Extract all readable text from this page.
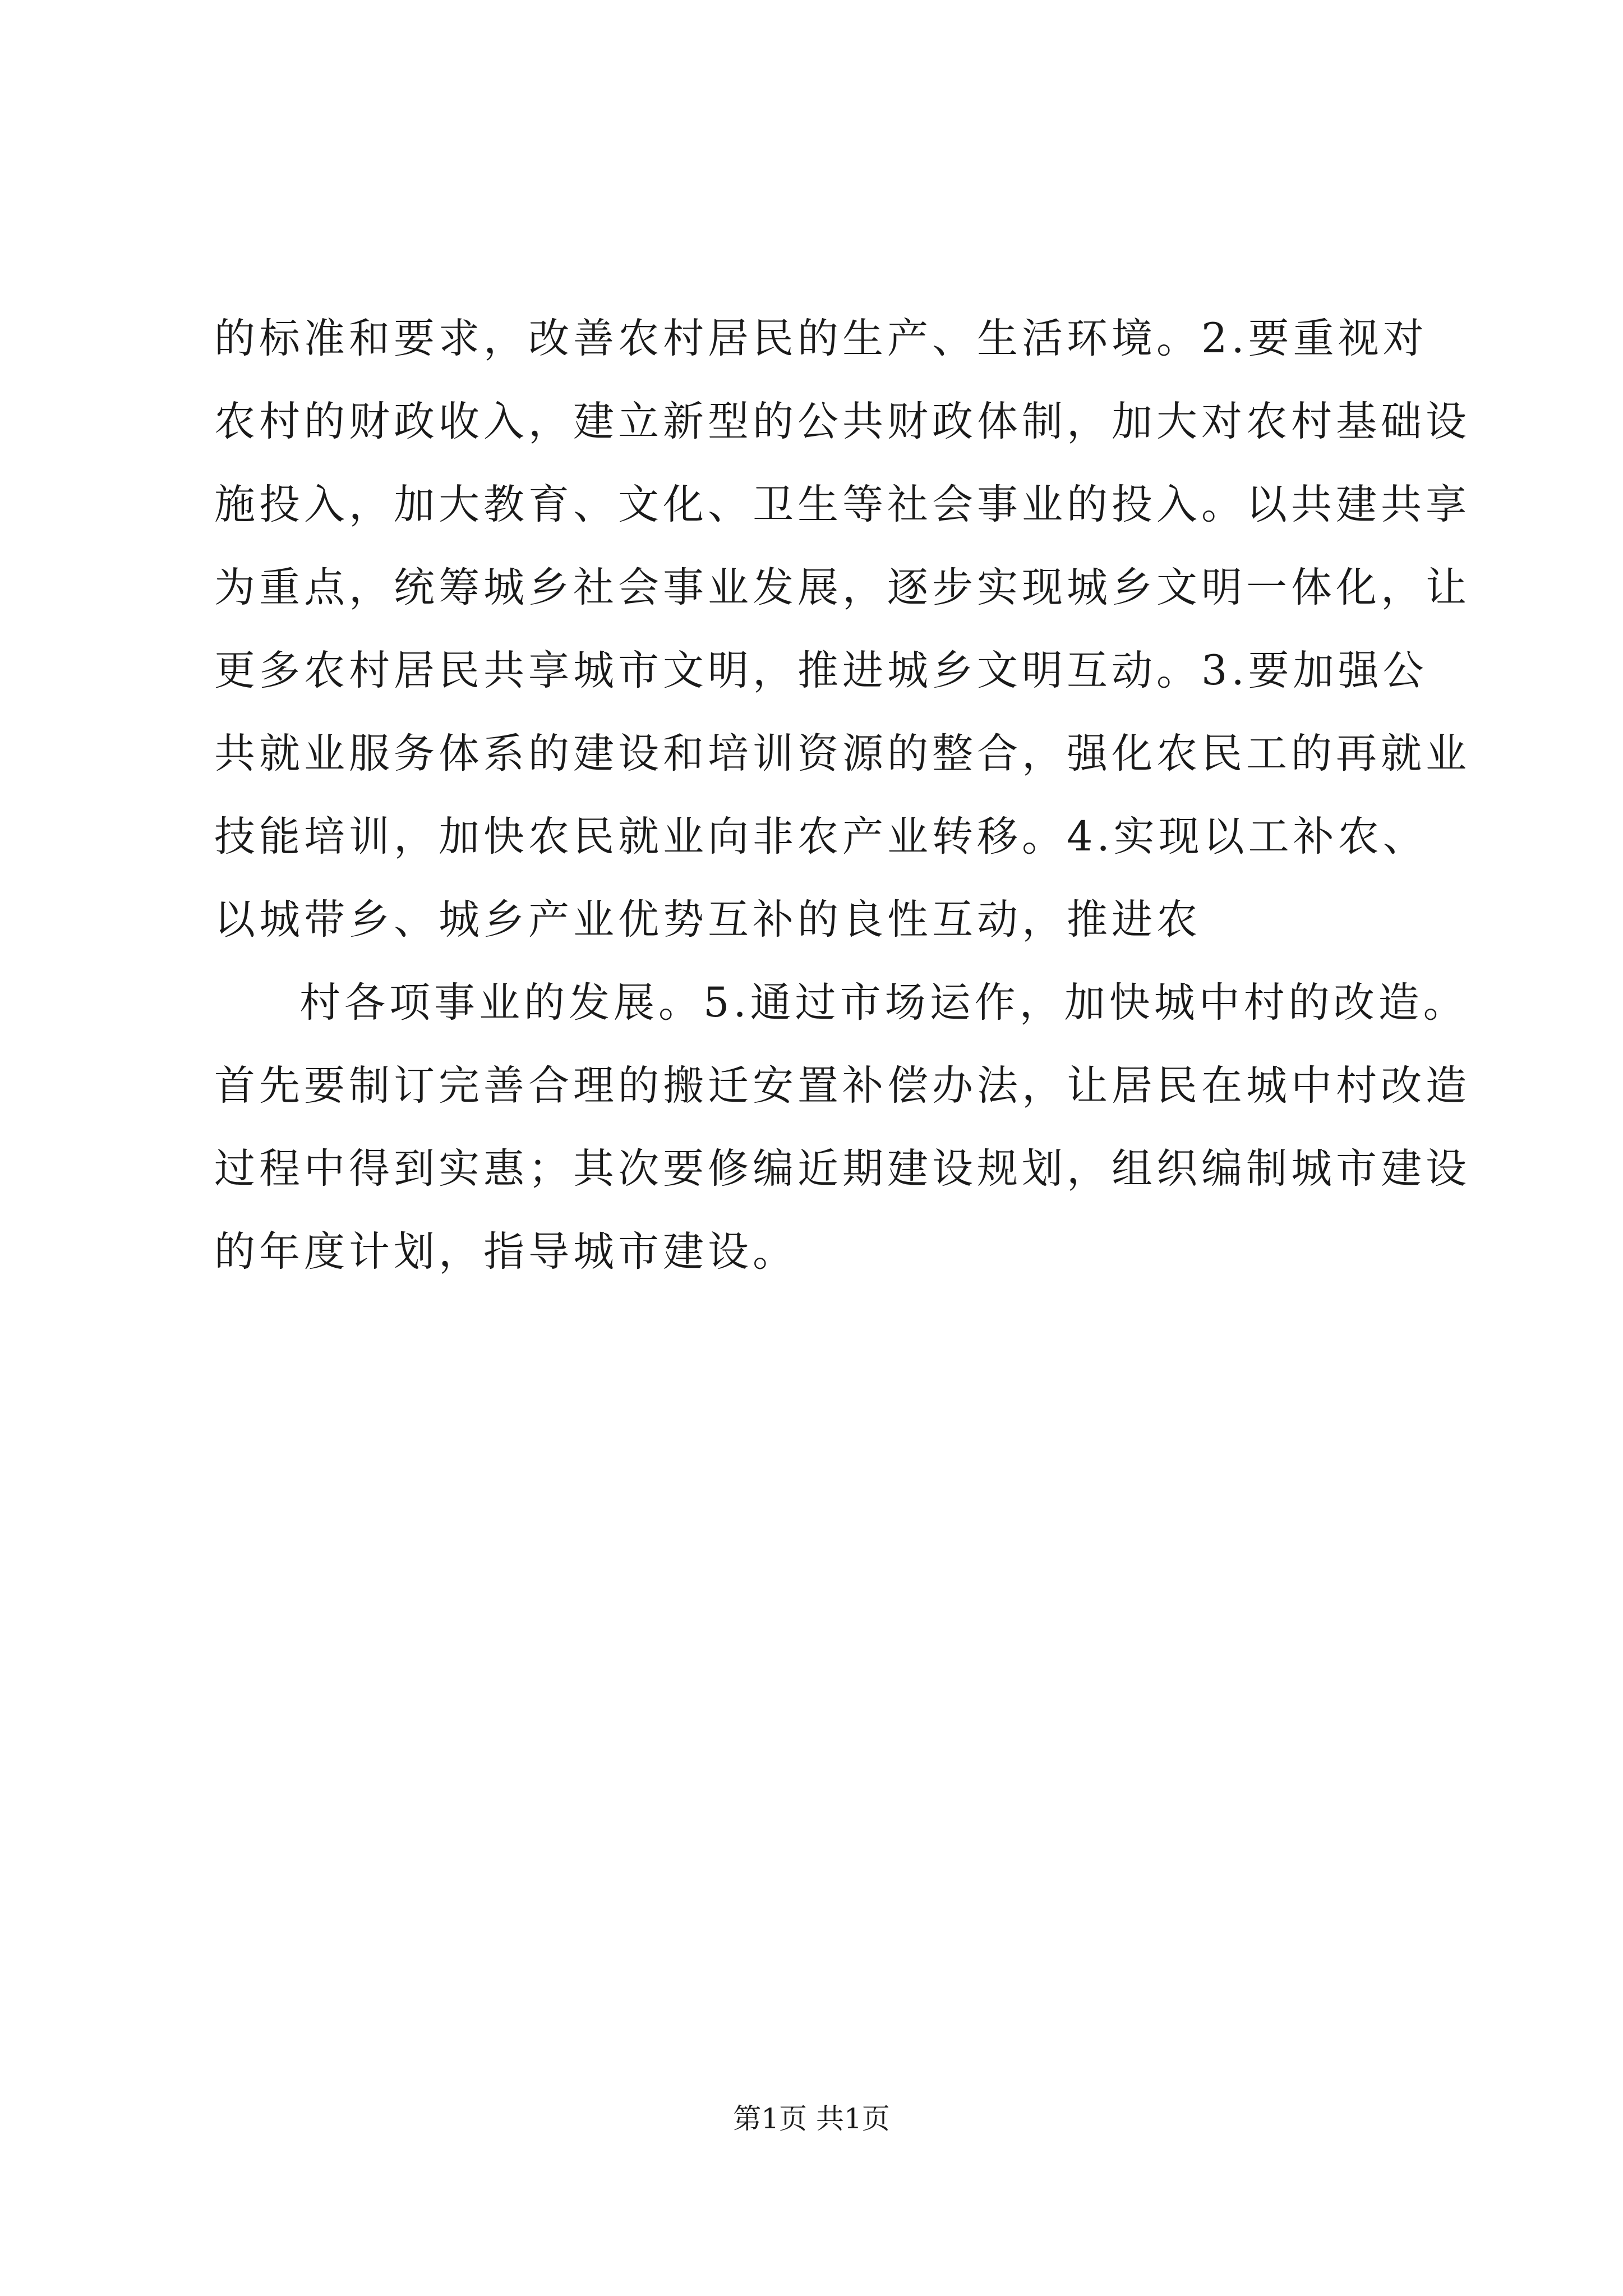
的标准和要求，改善农村居民的生产、生活环境。2.要重视对
农村的财政收入，建立新型的公共财政体制，加大对农村基础设
施投入，加大教育、文化、卫生等社会事业的投入。以共建共享
为重点，统筹城乡社会事业发展，逐步实现城乡文明一体化，让
更多农村居民共享城市文明，推进城乡文明互动。3.要加强公
共就业服务体系的建设和培训资源的整合，强化农民工的再就业
技能培训，加快农民就业向非农产业转移。4.实现以工补农、
以城带乡、城乡产业优势互补的良性互动，推进农
村各项事业的发展。5.通过市场运作，加快城中村的改造。
首先要制订完善合理的搬迁安置补偿办法，让居民在城中村改造
过程中得到实惠；其次要修编近期建设规划，组织编制城市建设
的年度计划，指导城市建设。
第1页 共1页
